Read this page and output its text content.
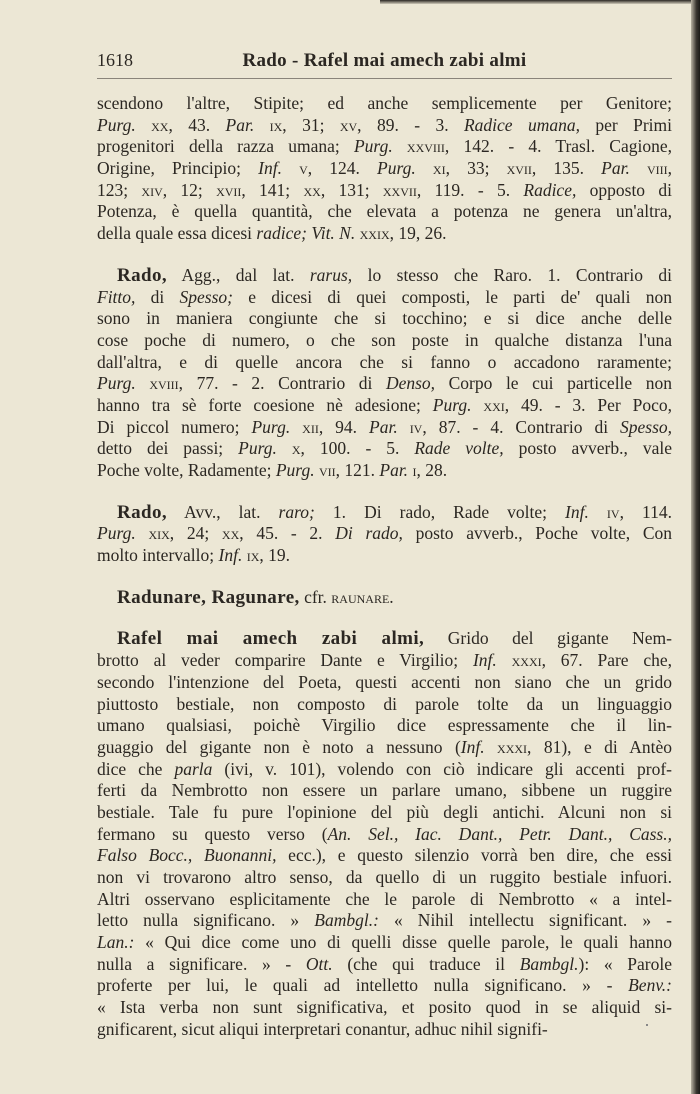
1618	Rado - Rafel mai amech zabi almi
scendono l'altre, Stipite; ed anche semplicemente per Genitore;
Purg. xx, 43. Par. ix, 31; xv, 89. - 3. Radice umana, per Primi
progenitori della razza umana; Purg. xxviii, 142. - 4. Trasl. Cagione,
Origine, Principio; Inf. v, 124. Purg. xi, 33; xvii, 135. Par. viii,
123; xiv, 12; xvii, 141; xx, 131; xxvii, 119. - 5. Radice, opposto di
Potenza, è quella quantità, che elevata a potenza ne genera un'altra,
della quale essa dicesi radice; Vit. N. xxix, 19, 26.
Rado, Agg., dal lat. rarus, lo stesso che Raro. 1. Contrario di
Fitto, di Spesso; e dicesi di quei composti, le parti de' quali non
sono in maniera congiunte che si tocchino; e si dice anche delle
cose poche di numero, o che son poste in qualche distanza l'una
dall'altra, e di quelle ancora che si fanno o accadono raramente;
Purg. xviii, 77. - 2. Contrario di Denso, Corpo le cui particelle non
hanno tra sè forte coesione nè adesione; Purg. xxi, 49. - 3. Per Poco,
Di piccol numero; Purg. xii, 94. Par. iv, 87. - 4. Contrario di Spesso,
detto dei passi; Purg. x, 100. - 5. Rade volte, posto avverb., vale
Poche volte, Radamente; Purg. vii, 121. Par. i, 28.
Rado, Avv., lat. raro; 1. Di rado, Rade volte; Inf. iv, 114.
Purg. xix, 24; xx, 45. - 2. Di rado, posto avverb., Poche volte, Con
molto intervallo; Inf. ix, 19.
Radunare, Ragunare, cfr. raunare.
Rafel mai amech zabi almi, Grido del gigante Nem-
brotto al veder comparire Dante e Virgilio; Inf. xxxi, 67. Pare che,
secondo l'intenzione del Poeta, questi accenti non siano che un grido
piuttosto bestiale, non composto di parole tolte da un linguaggio
umano qualsiasi, poichè Virgilio dice espressamente che il lin-
guaggio del gigante non è noto a nessuno (Inf. xxxi, 81), e di Antèo
dice che parla (ivi, v. 101), volendo con ciò indicare gli accenti prof-
ferti da Nembrotto non essere un parlare umano, sibbene un ruggire
bestiale. Tale fu pure l'opinione del più degli antichi. Alcuni non si
fermano su questo verso (An. Sel., Iac. Dant., Petr. Dant., Cass.,
Falso Bocc., Buonanni, ecc.), e questo silenzio vorrà ben dire, che essi
non vi trovarono altro senso, da quello di un ruggito bestiale infuori.
Altri osservano esplicitamente che le parole di Nembrotto « a intel-
letto nulla significano. » Bambgl.: « Nihil intellectu significant. » -
Lan.: « Qui dice come uno di quelli disse quelle parole, le quali hanno
nulla a significare. » - Ott. (che qui traduce il Bambgl.): « Parole
proferte per lui, le quali ad intelletto nulla significano. » - Benv.:
« Ista verba non sunt significativa, et posito quod in se aliquid si-
gnificarent, sicut aliqui interpretari conantur, adhuc nihil signifi-
